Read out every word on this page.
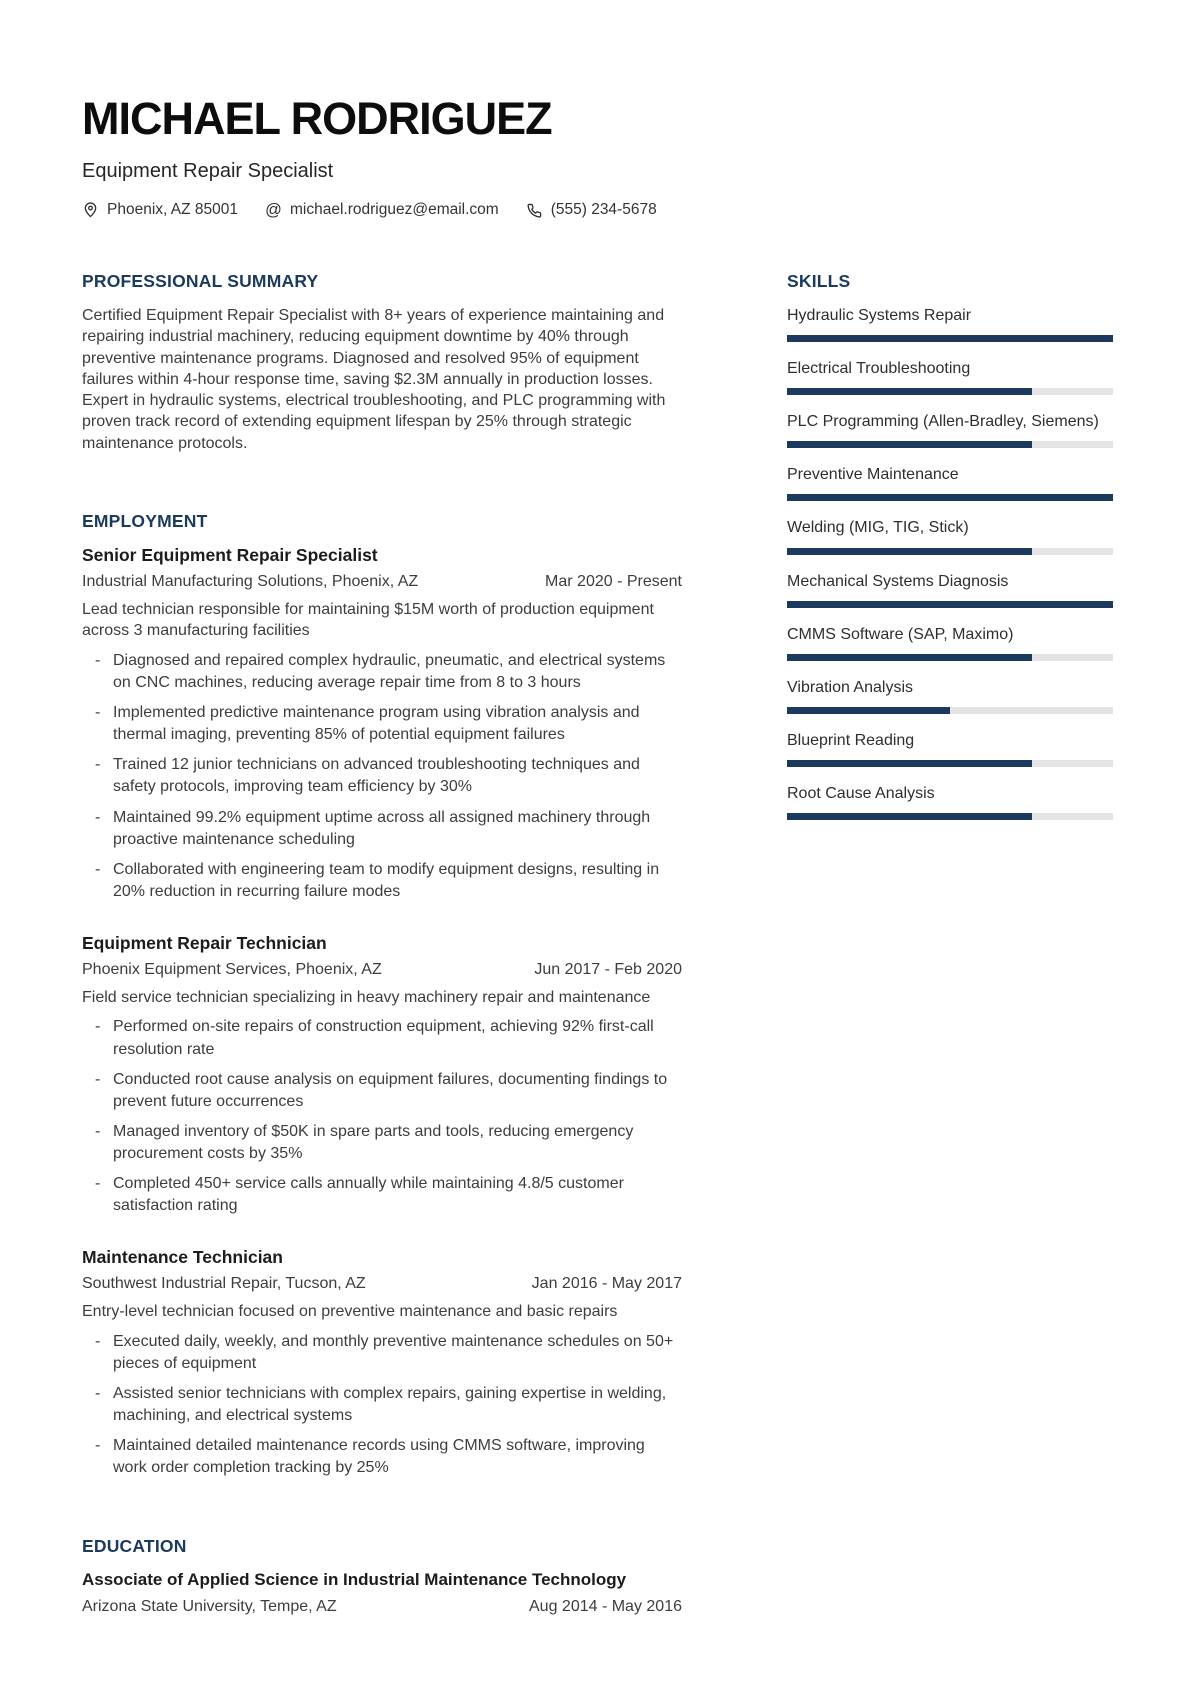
MICHAEL RODRIGUEZ
Equipment Repair Specialist
Phoenix, AZ 85001 @ michael.rodriguez@email.com	(555) 234-5678
PROFESSIONAL SUMMARY

Certified Equipment Repair Specialist with 8+ years of experience maintaining and repairing industrial machinery, reducing equipment downtime by 40% through preventive maintenance programs. Diagnosed and resolved 95% of equipment failures within 4-hour response time, saving $2.3M annually in production losses. Expert in hydraulic systems, electrical troubleshooting, and PLC programming with proven track record of extending equipment lifespan by 25% through strategic maintenance protocols.

EMPLOYMENT
Senior Equipment Repair Specialist
Industrial Manufacturing Solutions, Phoenix, AZ	Mar 2020 - Present

Lead technician responsible for maintaining $15M worth of production equipment across 3 manufacturing facilities

- Diagnosed and repaired complex hydraulic, pneumatic, and electrical systems on CNC machines, reducing average repair time from 8 to 3 hours
- Implemented predictive maintenance program using vibration analysis and thermal imaging, preventing 85% of potential equipment failures
- Trained 12 junior technicians on advanced troubleshooting techniques and safety protocols, improving team efficiency by 30%
- Maintained 99.2% equipment uptime across all assigned machinery through proactive maintenance scheduling
- Collaborated with engineering team to modify equipment designs, resulting in 20% reduction in recurring failure modes
Equipment Repair Technician
Phoenix Equipment Services, Phoenix, AZ	Jun 2017 - Feb 2020

Field service technician specializing in heavy machinery repair and maintenance

- Performed on-site repairs of construction equipment, achieving 92% first-call resolution rate
- Conducted root cause analysis on equipment failures, documenting findings to prevent future occurrences
- Managed inventory of $50K in spare parts and tools, reducing emergency procurement costs by 35%
- Completed 450+ service calls annually while maintaining 4.8/5 customer satisfaction rating
Maintenance Technician
Southwest Industrial Repair, Tucson, AZ	Jan 2016 - May 2017

Entry-level technician focused on preventive maintenance and basic repairs

- Executed daily, weekly, and monthly preventive maintenance schedules on 50+ pieces of equipment
- Assisted senior technicians with complex repairs, gaining expertise in welding, machining, and electrical systems
- Maintained detailed maintenance records using CMMS software, improving work order completion tracking by 25%
EDUCATION
Associate of Applied Science in Industrial Maintenance Technology
Arizona State University, Tempe, AZ	Aug 2014 - May 2016
SKILLS
Hydraulic Systems Repair
Electrical Troubleshooting
PLC Programming (Allen-Bradley, Siemens)
Preventive Maintenance
Welding (MIG, TIG, Stick)
Mechanical Systems Diagnosis
CMMS Software (SAP, Maximo)
Vibration Analysis
Blueprint Reading
Root Cause Analysis
